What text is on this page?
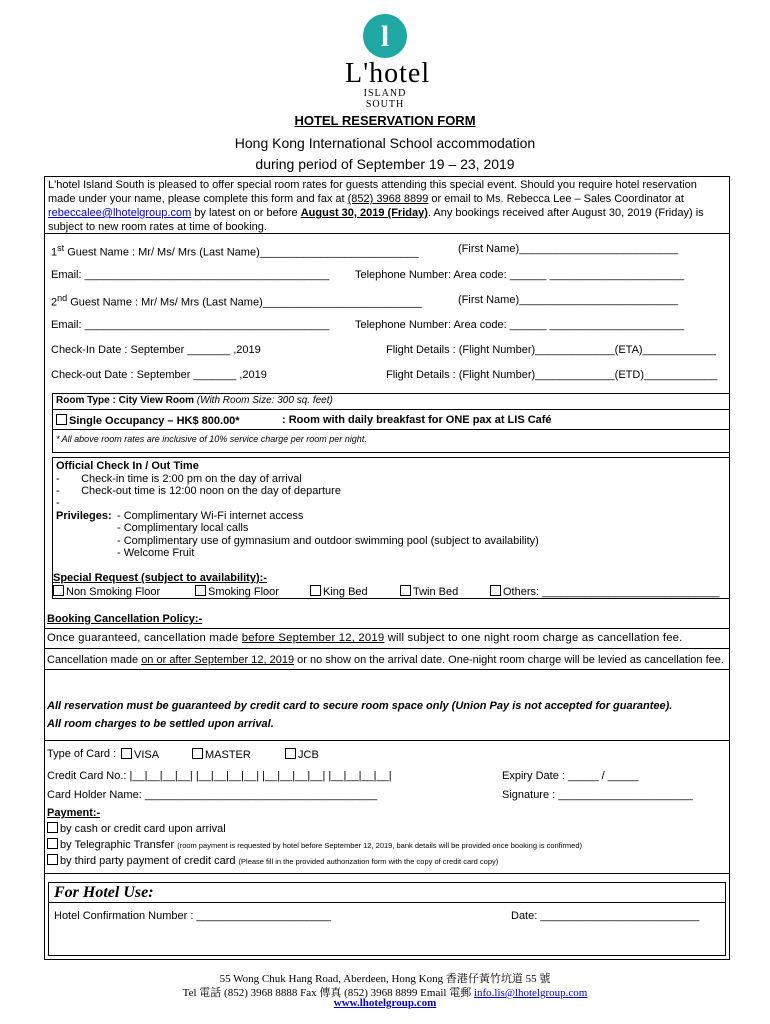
l
L'hotel
ISLAND SOUTH
HOTEL RESERVATION FORM
Hong Kong International School accommodation
during period of September 19 – 23, 2019
L'hotel Island South is pleased to offer special room rates for guests attending this special event. Should you require hotel reservation made under your name, please complete this form and fax at (852) 3968 8899 or email to Ms. Rebecca Lee – Sales Coordinator at rebeccalee@lhotelgroup.com by latest on or before August 30, 2019 (Friday). Any bookings received after August 30, 2019 (Friday) is subject to new room rates at time of booking.
1st Guest Name : Mr/ Ms/ Mrs (Last Name)__________________________	(First Name)__________________________
Email: ________________________________________ Telephone Number: Area code: ______ ______________________
2nd Guest Name : Mr/ Ms/ Mrs (Last Name)__________________________	(First Name)__________________________
Email: ________________________________________ Telephone Number: Area code: ______ ______________________
Check-In Date : September _______ ,2019	Flight Details : (Flight Number)_____________(ETA)____________
Check-out Date : September _______ ,2019	Flight Details : (Flight Number)_____________(ETD)____________
Room Type : City View Room (With Room Size: 300 sq. feet)
Single Occupancy – HK$ 800.00*	: Room with daily breakfast for ONE pax at LIS Café
* All above room rates are inclusive of 10% service charge per room per night.
Official Check In / Out Time
-       Check-in time is 2:00 pm on the day of arrival
-       Check-out time is 12:00 noon on the day of departure
-
Privileges: - Complimentary Wi-Fi internet access
- Complimentary local calls
- Complimentary use of gymnasium and outdoor swimming pool (subject to availability)
- Welcome Fruit
Special Request (subject to availability):-
Non Smoking Floor	Smoking Floor	King Bed	Twin Bed	Others: _____________________________
Booking Cancellation Policy:-
Once guaranteed, cancellation made before September 12, 2019 will subject to one night room charge as cancellation fee.
Cancellation made on or after September 12, 2019 or no show on the arrival date. One-night room charge will be levied as cancellation fee.
All reservation must be guaranteed by credit card to secure room space only (Union Pay is not accepted for guarantee).
All room charges to be settled upon arrival.
Type of Card :	VISA	MASTER	JCB
Credit Card No.: |__|__|__|__| |__|__|__|__| |__|__|__|__| |__|__|__|__|	Expiry Date : _____ / _____
Card Holder Name: ______________________________________	Signature : ______________________
Payment:-
by cash or credit card upon arrival
by Telegraphic Transfer (room payment is requested by hotel before September 12, 2019, bank details will be provided once booking is confirmed)
by third party payment of credit card (Please fill in the provided authorization form with the copy of credit card copy)
For Hotel Use:
Hotel Confirmation Number : ______________________	Date: __________________________
55 Wong Chuk Hang Road, Aberdeen, Hong Kong 香港仔黃竹坑道 55 號
Tel 電話 (852) 3968 8888 Fax 傳真 (852) 3968 8899 Email 電郵 info.lis@lhotelgroup.com
www.lhotelgroup.com
